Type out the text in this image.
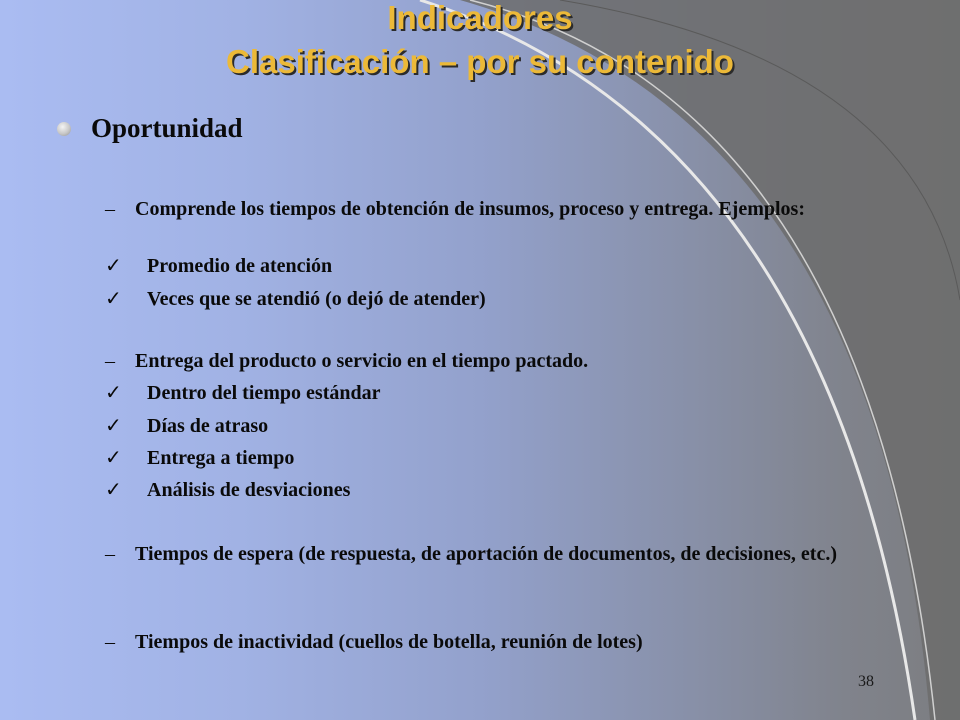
Indicadores
Clasificación – por su contenido
Oportunidad
– Comprende los tiempos de obtención de insumos, proceso y entrega. Ejemplos:
✓ Promedio de atención
✓ Veces que se atendió (o dejó de atender)
– Entrega del producto o servicio en el tiempo pactado.
✓ Dentro del tiempo estándar
✓ Días de atraso
✓ Entrega a tiempo
✓ Análisis de desviaciones
– Tiempos de espera (de respuesta, de aportación de documentos, de decisiones, etc.)
– Tiempos de inactividad (cuellos de botella, reunión de lotes)
38
